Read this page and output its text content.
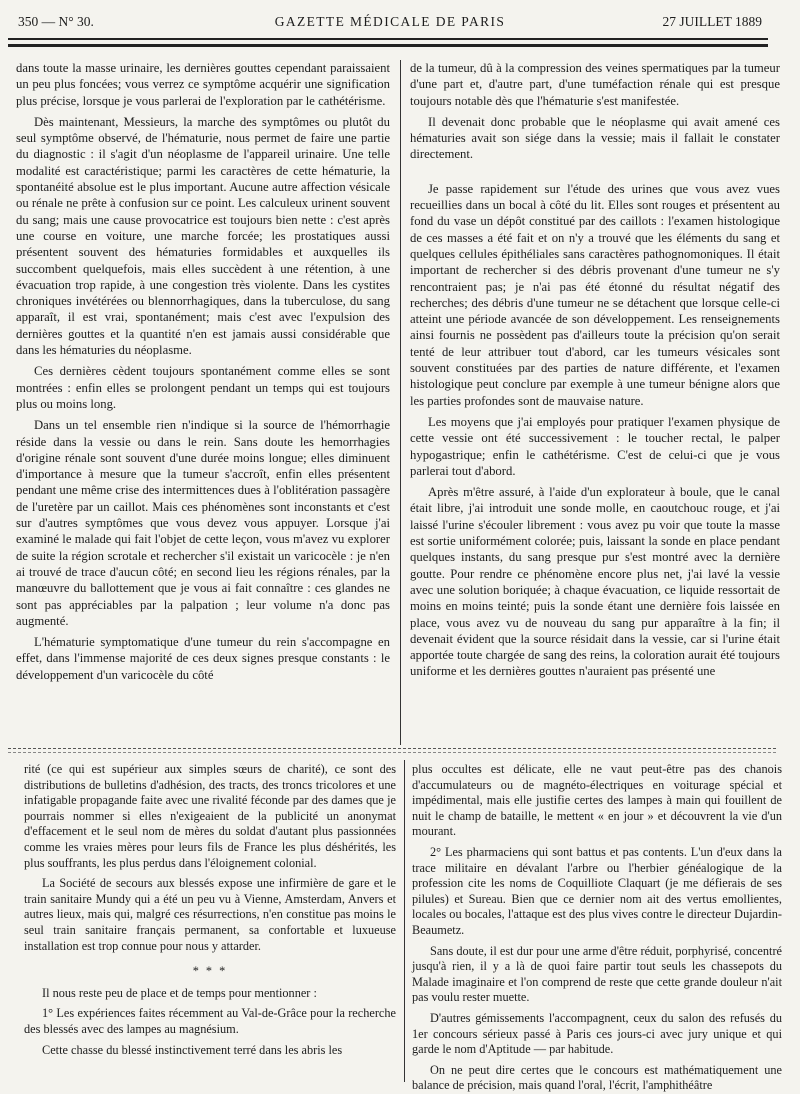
350 — N° 30.	GAZETTE MÉDICALE DE PARIS	27 JUILLET 1889

dans toute la masse urinaire, les dernières gouttes cependant paraissaient un peu plus foncées; vous verrez ce symptôme acquérir une signification plus précise, lorsque je vous parlerai de l'exploration par le cathétérisme.

Dès maintenant, Messieurs, la marche des symptômes ou plutôt du seul symptôme observé, de l'hématurie, nous permet de faire une partie du diagnostic : il s'agit d'un néoplasme de l'appareil urinaire. Une telle modalité est caractéristique; parmi les caractères de cette hématurie, la spontanéité absolue est le plus important. Aucune autre affection vésicale ou rénale ne prête à confusion sur ce point. Les calculeux urinent souvent du sang; mais une cause provocatrice est toujours bien nette : c'est après une course en voiture, une marche forcée; les prostatiques aussi présentent souvent des hématuries formidables et auxquelles ils succombent quelquefois, mais elles succèdent à une rétention, à une évacuation trop rapide, à une congestion très violente. Dans les cystites chroniques invétérées ou blennorrhagiques, dans la tuberculose, du sang apparaît, il est vrai, spontanément; mais c'est avec l'expulsion des dernières gouttes et la quantité n'en est jamais aussi considérable que dans les hématuries du néoplasme.

Ces dernières cèdent toujours spontanément comme elles se sont montrées : enfin elles se prolongent pendant un temps qui est toujours plus ou moins long.

Dans un tel ensemble rien n'indique si la source de l'hémorrhagie réside dans la vessie ou dans le rein. Sans doute les hemorrhagies d'origine rénale sont souvent d'une durée moins longue; elles diminuent d'importance à mesure que la tumeur s'accroît, enfin elles présentent pendant une même crise des intermittences dues à l'oblitération passagère de l'uretère par un caillot. Mais ces phénomènes sont inconstants et c'est sur d'autres symptômes que vous devez vous appuyer. Lorsque j'ai examiné le malade qui fait l'objet de cette leçon, vous m'avez vu explorer de suite la région scrotale et rechercher s'il existait un varicocèle : je n'en ai trouvé de trace d'aucun côté; en second lieu les régions rénales, par la manœuvre du ballottement que je vous ai fait connaître : ces glandes ne sont pas appréciables par la palpation ; leur volume n'a donc pas augmenté.

L'hématurie symptomatique d'une tumeur du rein s'accompagne en effet, dans l'immense majorité de ces deux signes presque constants : le développement d'un varicocèle du côté

de la tumeur, dû à la compression des veines spermatiques par la tumeur d'une part et, d'autre part, d'une tuméfaction rénale qui est presque toujours notable dès que l'hématurie s'est manifestée.

Il devenait donc probable que le néoplasme qui avait amené ces hématuries avait son siége dans la vessie; mais il fallait le constater directement.

Je passe rapidement sur l'étude des urines que vous avez vues recueillies dans un bocal à côté du lit. Elles sont rouges et présentent au fond du vase un dépôt constitué par des caillots : l'examen histologique de ces masses a été fait et on n'y a trouvé que les éléments du sang et quelques cellules épithéliales sans caractères pathognomoniques. Il était important de rechercher si des débris provenant d'une tumeur ne s'y rencontraient pas; je n'ai pas été étonné du résultat négatif des recherches; des débris d'une tumeur ne se détachent que lorsque celle-ci atteint une période avancée de son développement. Les renseignements ainsi fournis ne possèdent pas d'ailleurs toute la précision qu'on serait tenté de leur attribuer tout d'abord, car les tumeurs vésicales sont souvent constituées par des parties de nature différente, et l'examen histologique peut conclure par exemple à une tumeur bénigne alors que les parties profondes sont de mauvaise nature.

Les moyens que j'ai employés pour pratiquer l'examen physique de cette vessie ont été successivement : le toucher rectal, le palper hypogastrique; enfin le cathétérisme. C'est de celui-ci que je vous parlerai tout d'abord.

Après m'être assuré, à l'aide d'un explorateur à boule, que le canal était libre, j'ai introduit une sonde molle, en caoutchouc rouge, et j'ai laissé l'urine s'écouler librement : vous avez pu voir que toute la masse est sortie uniformément colorée; puis, laissant la sonde en place pendant quelques instants, du sang presque pur s'est montré avec la dernière goutte. Pour rendre ce phénomène encore plus net, j'ai lavé la vessie avec une solution boriquée; à chaque évacuation, ce liquide ressortait de moins en moins teinté; puis la sonde étant une dernière fois laissée en place, vous avez vu de nouveau du sang pur apparaître à la fin; il devenait évident que la source résidait dans la vessie, car si l'urine était apportée toute chargée de sang des reins, la coloration aurait été toujours uniforme et les dernières gouttes n'auraient pas présenté une

rité (ce qui est supérieur aux simples sœurs de charité), ce sont des distributions de bulletins d'adhésion, des tracts, des troncs tricolores et une infatigable propagande faite avec une rivalité féconde par des dames que je pourrais nommer si elles n'exigeaient de la publicité un anonymat d'effacement et le seul nom de mères du soldat d'autant plus passionnées comme les vraies mères pour leurs fils de France les plus déshérités, les plus souffrants, les plus perdus dans l'éloignement colonial.

La Société de secours aux blessés expose une infirmière de gare et le train sanitaire Mundy qui a été un peu vu à Vienne, Amsterdam, Anvers et autres lieux, mais qui, malgré ces résurrections, n'en constitue pas moins le seul train sanitaire français permanent, sa confortable et luxueuse installation est trop connue pour nous y attarder.

* * *

Il nous reste peu de place et de temps pour mentionner :

1° Les expériences faites récemment au Val-de-Grâce pour la recherche des blessés avec des lampes au magnésium.

Cette chasse du blessé instinctivement terré dans les abris les

plus occultes est délicate, elle ne vaut peut-être pas des chanois d'accumulateurs ou de magnéto-électriques en voiturage spécial et impédimental, mais elle justifie certes des lampes à main qui fouillent de nuit le champ de bataille, le mettent « en jour » et découvrent la vie d'un mourant.

2° Les pharmaciens qui sont battus et pas contents. L'un d'eux dans la trace militaire en dévalant l'arbre ou l'herbier généalogique de la profession cite les noms de Coquilliote Claquart (je me défierais de ses pilules) et Sureau. Bien que ce dernier nom ait des vertus emollientes, locales ou bocales, l'attaque est des plus vives contre le directeur Dujardin-Beaumetz.

Sans doute, il est dur pour une arme d'être réduit, porphyrisé, concentré jusqu'à rien, il y a là de quoi faire partir tout seuls les chassepots du Malade imaginaire et l'on comprend de reste que cette grande douleur n'ait pas voulu rester muette.

D'autres gémissements l'accompagnent, ceux du salon des refusés du 1er concours sérieux passé à Paris ces jours-ci avec jury unique et qui garde le nom d'Aptitude — par habitude.

On ne peut dire certes que le concours est mathématiquement une balance de précision, mais quand l'oral, l'écrit, l'amphithéâtre
